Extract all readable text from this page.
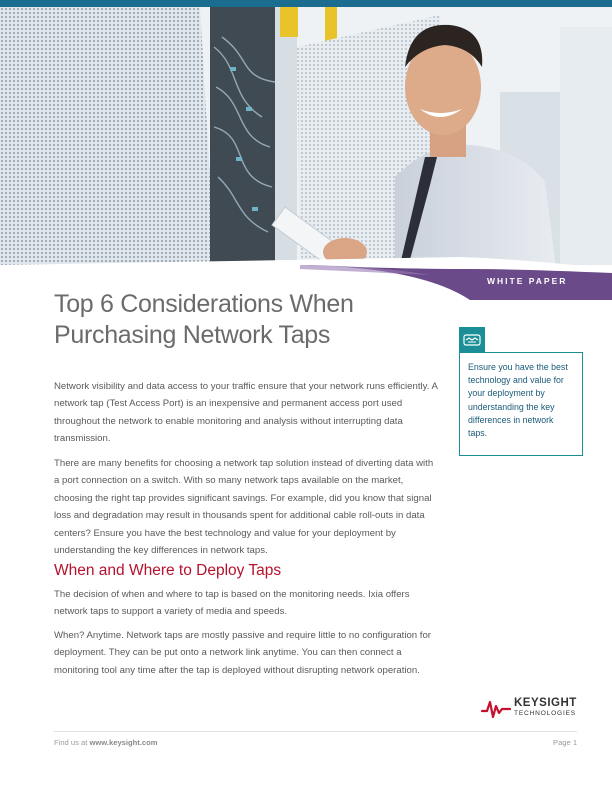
WHITE PAPER
Top 6 Considerations When
Purchasing Network Taps

Network visibility and data access to your traffic ensure that your network runs efficiently. A network tap (Test Access Port) is an inexpensive and permanent access port used throughout the network to enable monitoring and analysis without interrupting data transmission.

There are many benefits for choosing a network tap solution instead of diverting data with a port connection on a switch. With so many network taps available on the market, choosing the right tap provides significant savings. For example, did you know that signal loss and degradation may result in thousands spent for additional cable roll-outs in data centers? Ensure you have the best technology and value for your deployment by understanding the key differences in network taps.

When and Where to Deploy Taps

The decision of when and where to tap is based on the monitoring needs. Ixia offers network taps to support a variety of media and speeds.

When? Anytime. Network taps are mostly passive and require little to no configuration for deployment. They can be put onto a network link anytime. You can then connect a monitoring tool any time after the tap is deployed without disrupting network operation.

Ensure you have the best technology and value for your deployment by understanding the key differences in network taps.

KEYSIGHT
TECHNOLOGIES
Find us at www.keysight.com	Page 1
